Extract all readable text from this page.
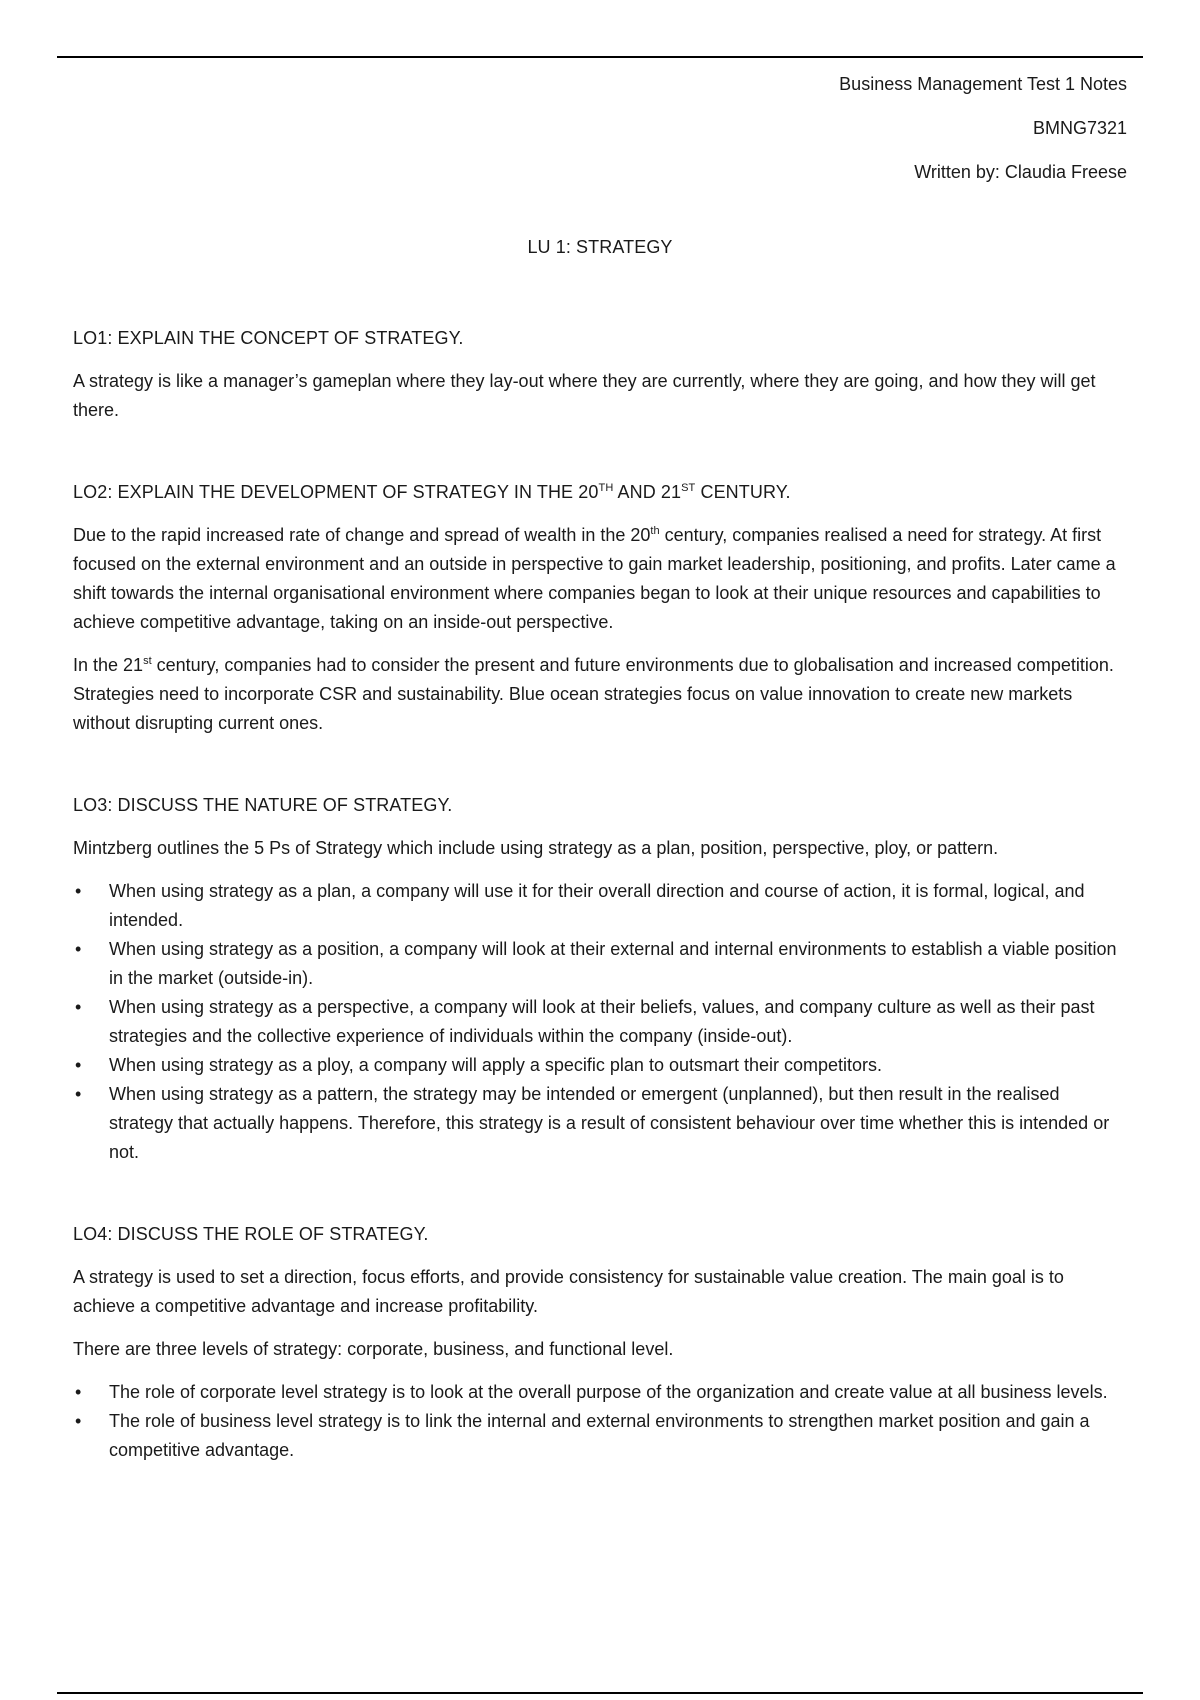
Business Management Test 1 Notes
BMNG7321
Written by: Claudia Freese
LU 1: STRATEGY
LO1: EXPLAIN THE CONCEPT OF STRATEGY.

A strategy is like a manager’s gameplan where they lay-out where they are currently, where they are going, and how they will get there.

LO2: EXPLAIN THE DEVELOPMENT OF STRATEGY IN THE 20TH AND 21ST CENTURY.

Due to the rapid increased rate of change and spread of wealth in the 20th century, companies realised a need for strategy. At first focused on the external environment and an outside in perspective to gain market leadership, positioning, and profits. Later came a shift towards the internal organisational environment where companies began to look at their unique resources and capabilities to achieve competitive advantage, taking on an inside-out perspective.

In the 21st century, companies had to consider the present and future environments due to globalisation and increased competition. Strategies need to incorporate CSR and sustainability. Blue ocean strategies focus on value innovation to create new markets without disrupting current ones.

LO3: DISCUSS THE NATURE OF STRATEGY.

Mintzberg outlines the 5 Ps of Strategy which include using strategy as a plan, position, perspective, ploy, or pattern.

• When using strategy as a plan, a company will use it for their overall direction and course of action, it is formal, logical, and intended.
• When using strategy as a position, a company will look at their external and internal environments to establish a viable position in the market (outside-in).
• When using strategy as a perspective, a company will look at their beliefs, values, and company culture as well as their past strategies and the collective experience of individuals within the company (inside-out).
• When using strategy as a ploy, a company will apply a specific plan to outsmart their competitors.
• When using strategy as a pattern, the strategy may be intended or emergent (unplanned), but then result in the realised strategy that actually happens. Therefore, this strategy is a result of consistent behaviour over time whether this is intended or not.
LO4: DISCUSS THE ROLE OF STRATEGY.

A strategy is used to set a direction, focus efforts, and provide consistency for sustainable value creation. The main goal is to achieve a competitive advantage and increase profitability.

There are three levels of strategy: corporate, business, and functional level.

• The role of corporate level strategy is to look at the overall purpose of the organization and create value at all business levels.
• The role of business level strategy is to link the internal and external environments to strengthen market position and gain a competitive advantage.
